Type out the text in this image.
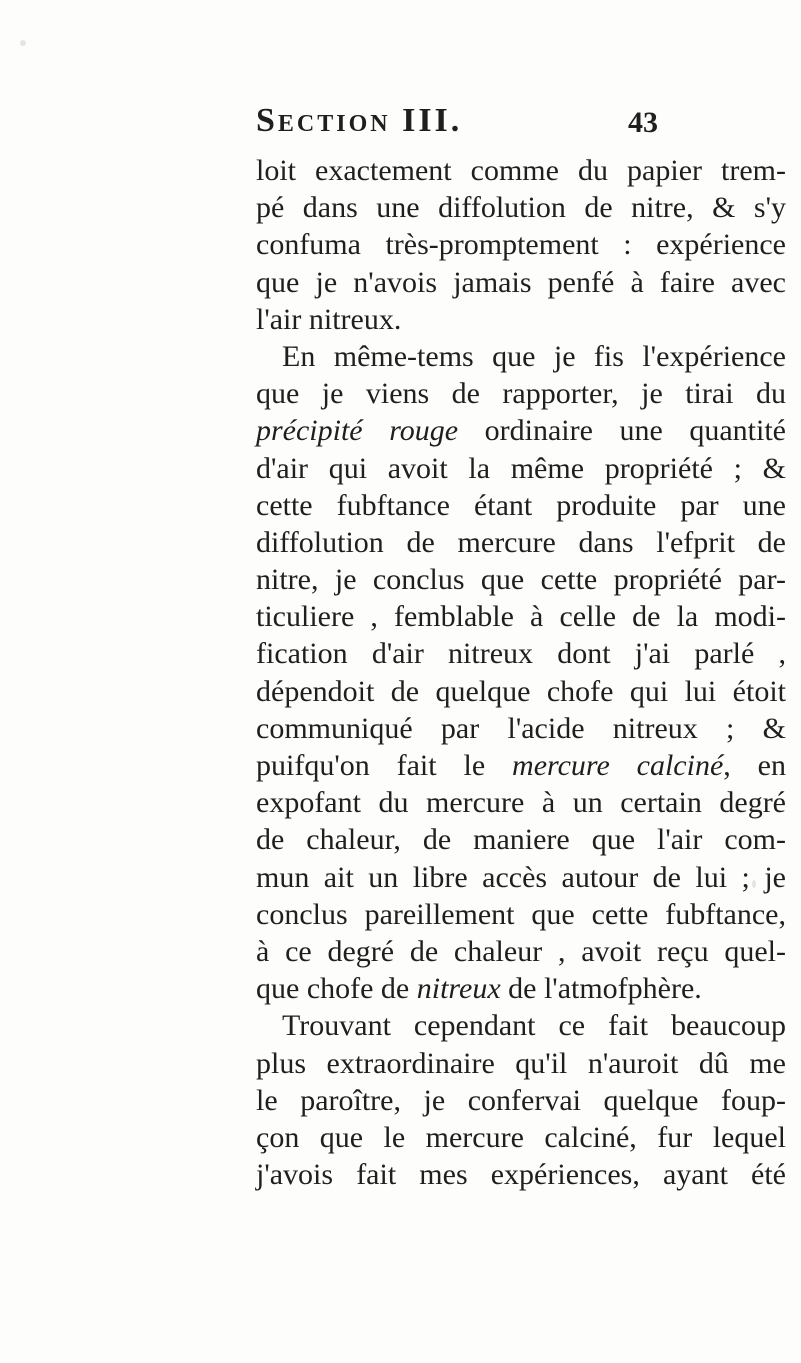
Section III.	43
loit exactement comme du papier trem-
pé dans une diffolution de nitre, & s'y
confuma très-promptement : expérience
que je n'avois jamais penfé à faire avec
l'air nitreux.
En même-tems que je fis l'expérience
que je viens de rapporter, je tirai du
précipité rouge ordinaire une quantité
d'air qui avoit la même propriété ; &
cette fubftance étant produite par une
diffolution de mercure dans l'efprit de
nitre, je conclus que cette propriété par-
ticuliere , femblable à celle de la modi-
fication d'air nitreux dont j'ai parlé ,
dépendoit de quelque chofe qui lui étoit
communiqué par l'acide nitreux ; &
puifqu'on fait le mercure calciné, en
expofant du mercure à un certain degré
de chaleur, de maniere que l'air com-
mun ait un libre accès autour de lui ; je
conclus pareillement que cette fubftance,
à ce degré de chaleur , avoit reçu quel-
que chofe de nitreux de l'atmofphère.
Trouvant cependant ce fait beaucoup
plus extraordinaire qu'il n'auroit dû me
le paroître, je confervai quelque foup-
çon que le mercure calciné, fur lequel
j'avois fait mes expériences, ayant été
